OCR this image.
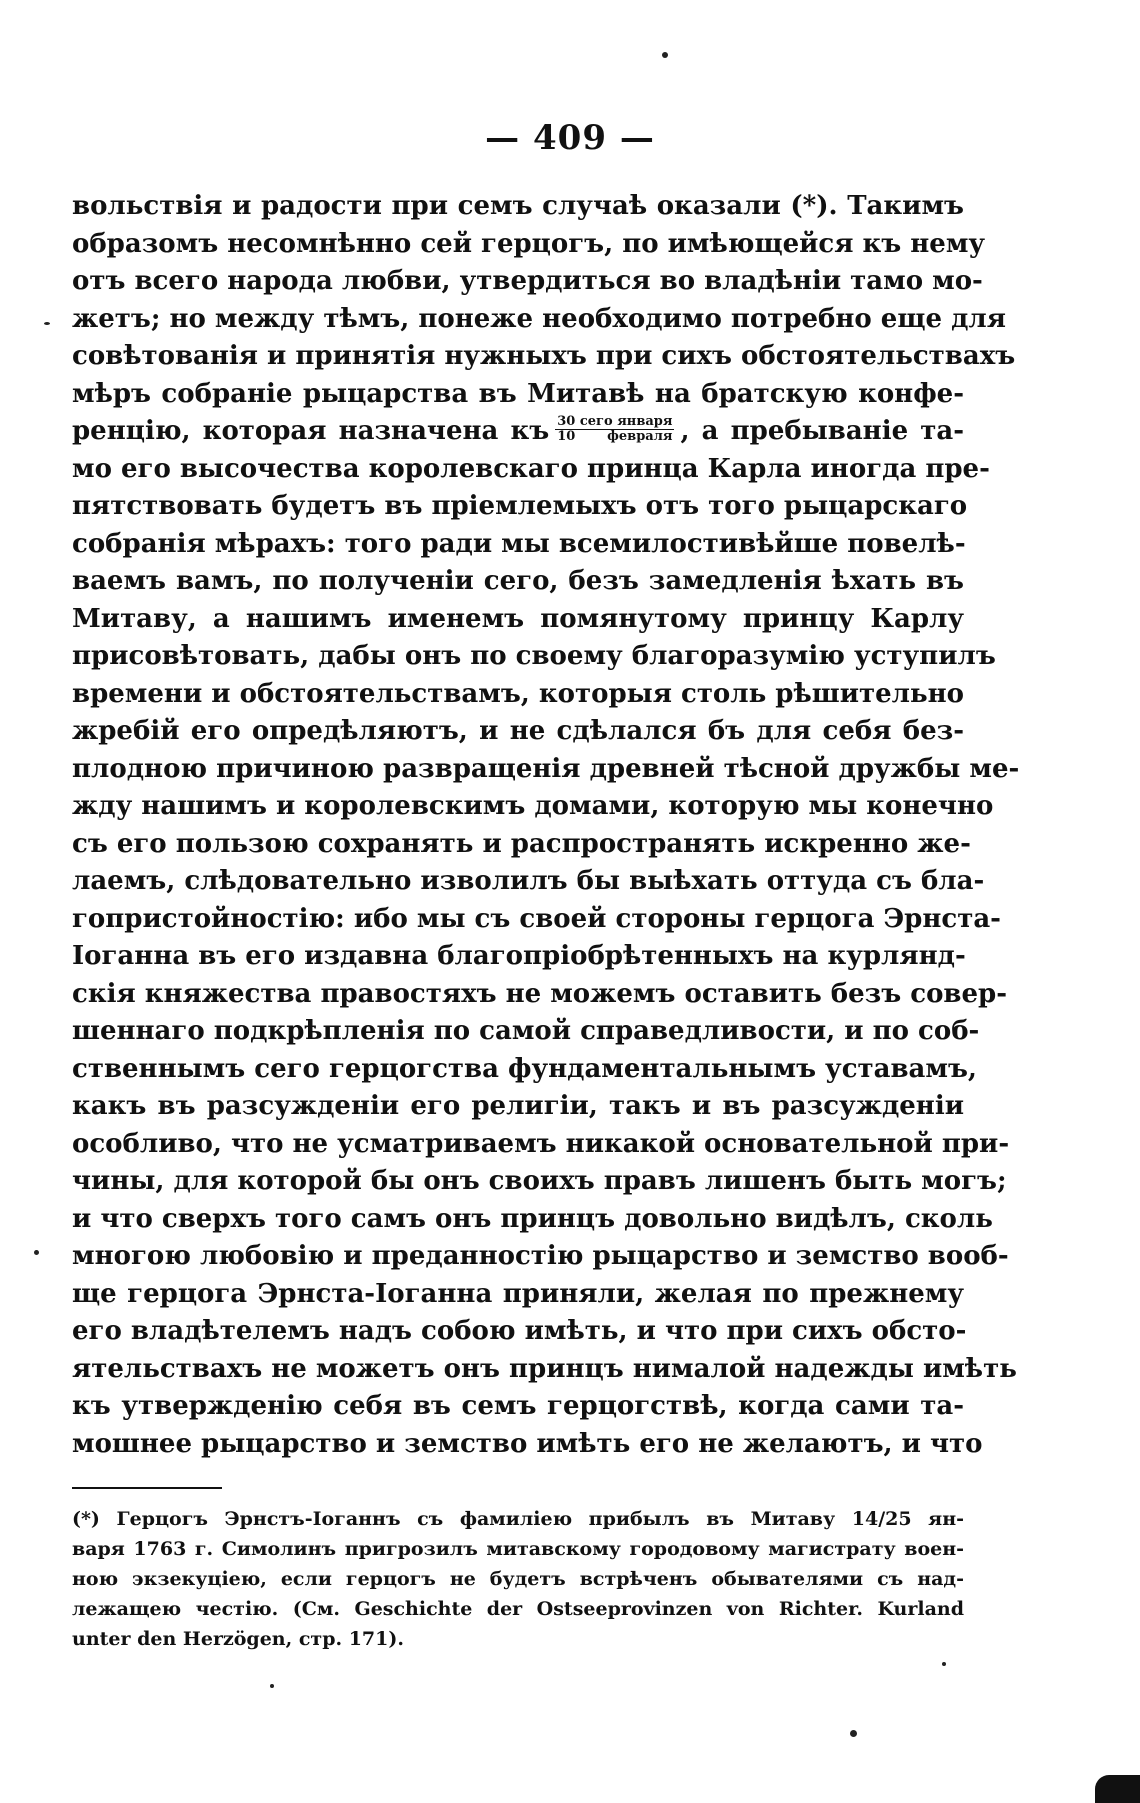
— 409 —
вольствія и радости при семъ случаѣ оказали (*). Такимъ
образомъ несомнѣнно сей герцогъ, по имѣющейся къ нему
отъ всего народа любви, утвердиться во владѣніи тамо мо-
жетъ; но между тѣмъ, понеже необходимо потребно еще для
совѣтованія и принятія нужныхъ при сихъ обстоятельствахъ
мѣръ собраніе рыцарства въ Митавѣ на братскую конфе-
ренцію, которая назначена къ $\frac{\text{30 сего января}}{\text{10 февраля}}$ , а пребываніе та-
мо его высочества королевскаго принца Карла иногда пре-
пятствовать будетъ въ пріемлемыхъ отъ того рыцарскаго
собранія мѣрахъ: того ради мы всемилостивѣйше повелѣ-
ваемъ вамъ, по полученіи сего, безъ замедленія ѣхать въ
Митаву, а нашимъ именемъ помянутому принцу Карлу
присовѣтовать, дабы онъ по своему благоразумію уступилъ
времени и обстоятельствамъ, которыя столь рѣшительно
жребій его опредѣляютъ, и не сдѣлался бъ для себя без-
плодною причиною развращенія древней тѣсной дружбы ме-
жду нашимъ и королевскимъ домами, которую мы конечно
съ его пользою сохранять и распространять искренно же-
лаемъ, слѣдовательно изволилъ бы выѣхать оттуда съ бла-
гопристойностію: ибо мы съ своей стороны герцога Эрнста-
Іоганна въ его издавна благопріобрѣтенныхъ на курлянд-
скія княжества правостяхъ не можемъ оставить безъ совер-
шеннаго подкрѣпленія по самой справедливости, и по соб-
ственнымъ сего герцогства фундаментальнымъ уставамъ,
какъ въ разсужденіи его религіи, такъ и въ разсужденіи
особливо, что не усматриваемъ никакой основательной при-
чины, для которой бы онъ своихъ правъ лишенъ быть могъ;
и что сверхъ того самъ онъ принцъ довольно видѣлъ, сколь
многою любовію и преданностію рыцарство и земство вооб-
ще герцога Эрнста-Іоганна приняли, желая по прежнему
его владѣтелемъ надъ собою имѣть, и что при сихъ обсто-
ятельствахъ не можетъ онъ принцъ нималой надежды имѣть
къ утвержденію себя въ семъ герцогствѣ, когда сами та-
мошнее рыцарство и земство имѣть его не желаютъ, и что
(*) Герцогъ Эрнстъ-Іоганнъ съ фамиліею прибылъ въ Митаву 14/25 ян-
варя 1763 г. Симолинъ пригрозилъ митавскому городовому магистрату воен-
ною экзекуціею, если герцогъ не будетъ встрѣченъ обывателями съ над-
лежащею честію. (См. Geschichte der Ostseeprovinzen von Richter. Kurland
unter den Herzögen, стр. 171).
